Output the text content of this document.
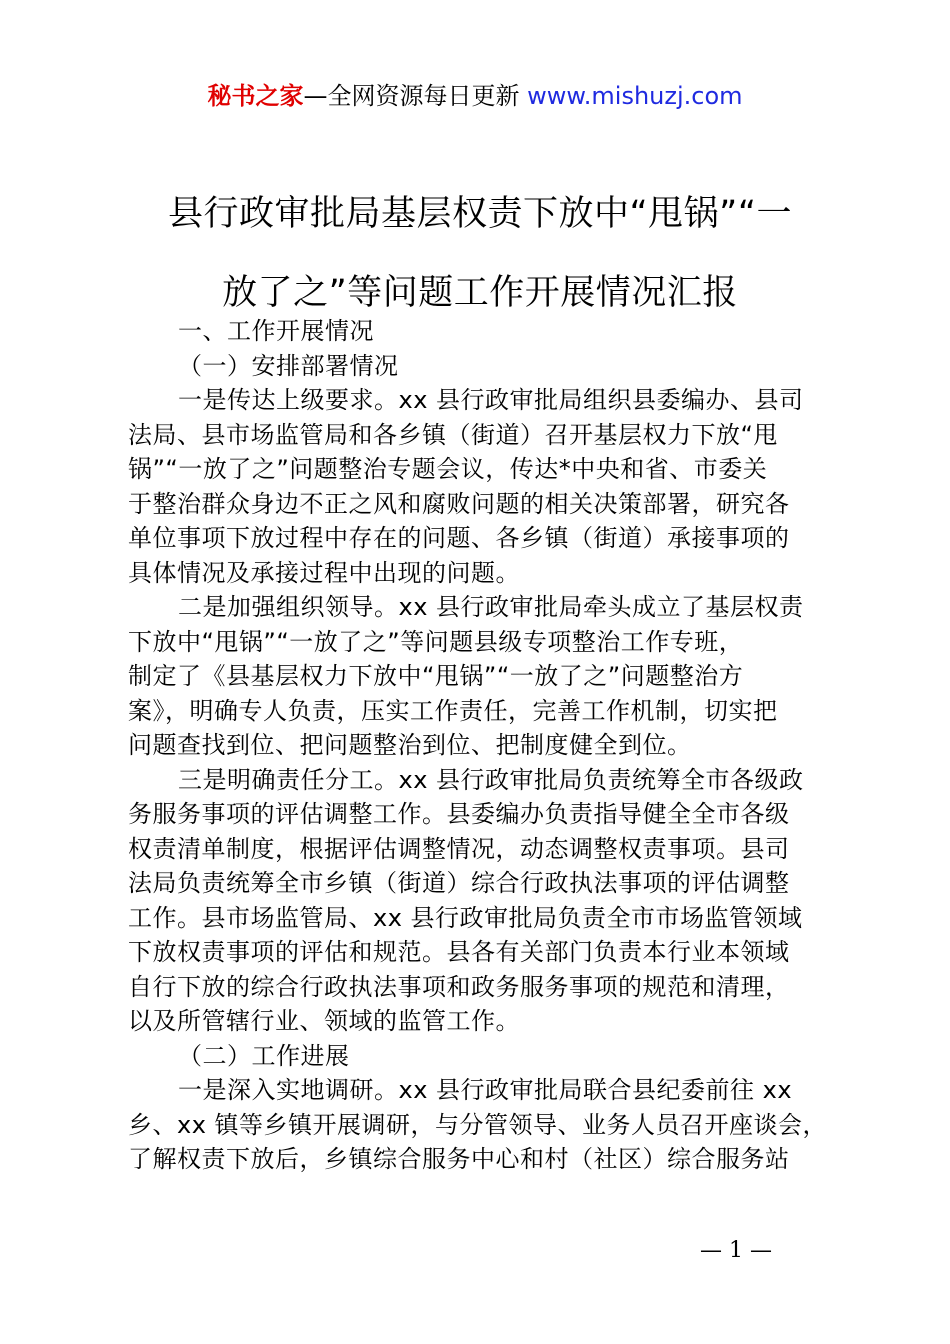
秘书之家—全网资源每日更新 www.mishuzj.com
县行政审批局基层权责下放中“甩锅”“一
放了之”等问题工作开展情况汇报
一、工作开展情况
（一）安排部署情况
一是传达上级要求。xx 县行政审批局组织县委编办、县司
法局、县市场监管局和各乡镇（街道）召开基层权力下放“甩
锅”“一放了之”问题整治专题会议，传达*中央和省、市委关
于整治群众身边不正之风和腐败问题的相关决策部署，研究各
单位事项下放过程中存在的问题、各乡镇（街道）承接事项的
具体情况及承接过程中出现的问题。
二是加强组织领导。xx 县行政审批局牵头成立了基层权责
下放中“甩锅”“一放了之”等问题县级专项整治工作专班，
制定了《县基层权力下放中“甩锅”“一放了之”问题整治方
案》，明确专人负责，压实工作责任，完善工作机制，切实把
问题查找到位、把问题整治到位、把制度健全到位。
三是明确责任分工。xx 县行政审批局负责统筹全市各级政
务服务事项的评估调整工作。县委编办负责指导健全全市各级
权责清单制度，根据评估调整情况，动态调整权责事项。县司
法局负责统筹全市乡镇（街道）综合行政执法事项的评估调整
工作。县市场监管局、xx 县行政审批局负责全市市场监管领域
下放权责事项的评估和规范。县各有关部门负责本行业本领域
自行下放的综合行政执法事项和政务服务事项的规范和清理，
以及所管辖行业、领域的监管工作。
（二）工作进展
一是深入实地调研。xx 县行政审批局联合县纪委前往 xx
乡、xx 镇等乡镇开展调研，与分管领导、业务人员召开座谈会，
了解权责下放后，乡镇综合服务中心和村（社区）综合服务站
— 1 —
